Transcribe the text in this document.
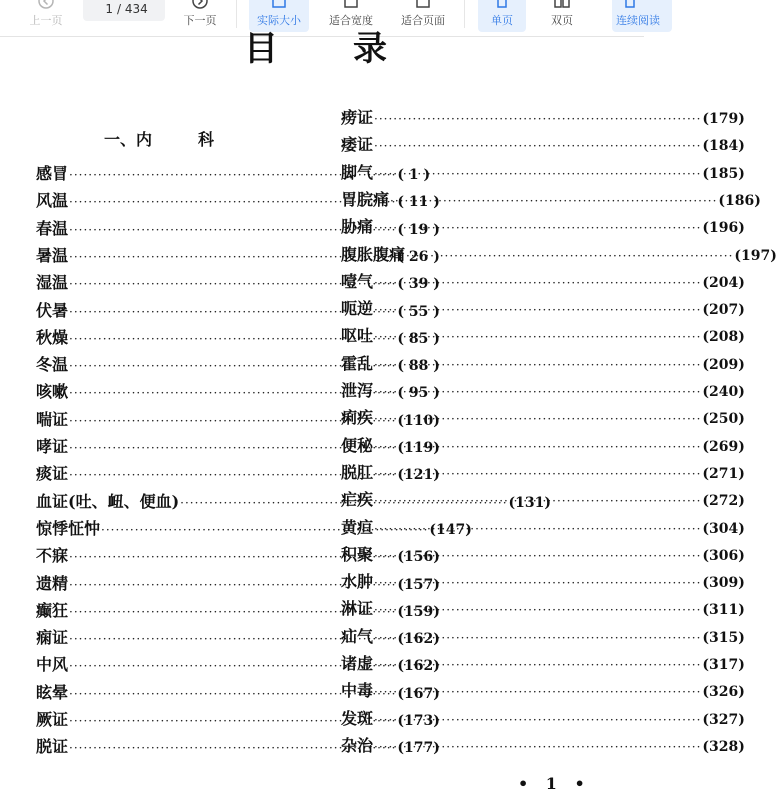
上一页
1
/ 434
下一页	实际大小	适合宽度	适合页面	单页	双页	连续阅读
目 录
一、内	科
感冒 ·····	( 1 )
风温 ·····	( 11 )
春温 ·····	( 19 )
暑温 ·····	( 26 )
湿温 ·····	( 39 )
伏暑 ·····	( 55 )
秋燥 ·····	( 85 )
冬温 ·····	( 88 )
咳嗽 ·····	( 95 )
喘证 ·····	(110)
哮证 ·····	(119)
痰证 ·····	(121)
血证(吐、衄、便血) ·····	(131)
惊悸怔忡 ·····	(147)
不寐 ·····	(156)
遗精 ·····	(157)
癫狂 ·····	(159)
痫证 ·····	(162)
中风 ·····	(162)
眩晕 ·····	(167)
厥证 ·····	(173)
脱证 ·····	(177)
痨证 ·····	(179)
痿证 ·····	(184)
脚气 ·····	(185)
胃脘痛 ·····	(186)
胁痛 ·····	(196)
腹胀腹痛 ·····	(197)
噎气 ·····	(204)
呃逆 ·····	(207)
呕吐 ·····	(208)
霍乱 ·····	(209)
泄泻 ·····	(240)
痢疾 ·····	(250)
便秘 ·····	(269)
脱肛 ·····	(271)
疟疾 ·····	(272)
黄疸 ·····	(304)
积聚 ·····	(306)
水肿 ·····	(309)
淋证 ·····	(311)
疝气 ·····	(315)
诸虚 ·····	(317)
中毒 ·····	(326)
发斑 ·····	(327)
杂治 ·····	(328)
• 1 •
